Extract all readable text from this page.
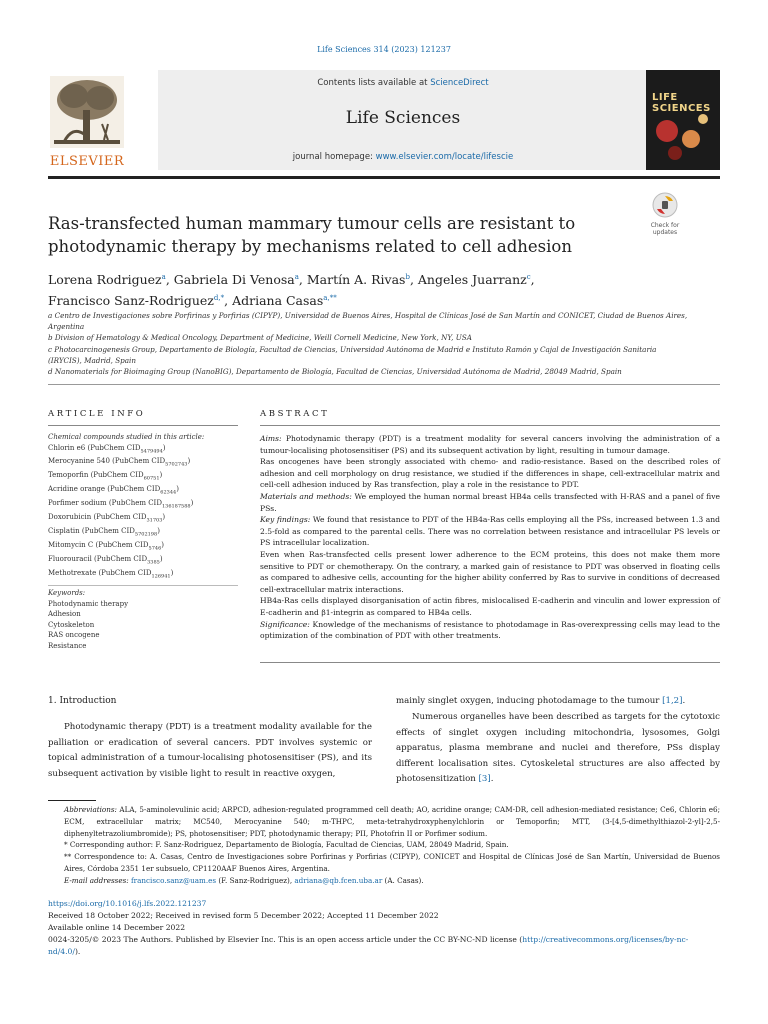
Life Sciences 314 (2023) 121237
ELSEVIER
Contents lists available at ScienceDirect
Life Sciences
journal homepage: www.elsevier.com/locate/lifescie
LIFE SCIENCES
Check for
updates
Ras-transfected human mammary tumour cells are resistant to photodynamic therapy by mechanisms related to cell adhesion
Lorena Rodriguez$^a$, Gabriela Di Venosa$^a$, Martín A. Rivas$^b$, Angeles Juarranz$^c$,
Francisco Sanz-Rodriguez$^{d,*}$, Adriana Casas$^{a,**}$

a Centro de Investigaciones sobre Porfirinas y Porfirias (CIPYP), Universidad de Buenos Aires, Hospital de Clínicas José de San Martín and CONICET, Ciudad de Buenos Aires, Argentina

b Division of Hematology & Medical Oncology, Department of Medicine, Weill Cornell Medicine, New York, NY, USA

c Photocarcinogenesis Group, Departamento de Biología, Facultad de Ciencias, Universidad Autónoma de Madrid e Instituto Ramón y Cajal de Investigación Sanitaria (IRYCIS), Madrid, Spain

d Nanomaterials for Bioimaging Group (NanoBIG), Departamento de Biología, Facultad de Ciencias, Universidad Autónoma de Madrid, 28049 Madrid, Spain

ARTICLE INFO	ABSTRACT

Chemical compounds studied in this article:

Chlorin e6 (PubChem $CID_{5479494}$)

Merocyanine 540 (PubChem $CID_{5702743}$)

Temoporfin (PubChem $CID_{60751}$)

Acridine orange (PubChem $CID_{62344}$)

Porfimer sodium (PubChem $CID_{136187588}$)

Doxorubicin (PubChem $CID_{31703}$)

Cisplatin (PubChem $CID_{5702198}$)

Mitomycin C (PubChem $CID_{5746}$)

Fluorouracil (PubChem $CID_{3385}$)

Methotrexate (PubChem $CID_{126941}$)

Keywords:

Photodynamic therapy

Adhesion

Cytoskeleton

RAS oncogene

Resistance

Aims: Photodynamic therapy (PDT) is a treatment modality for several cancers involving the administration of a tumour-localising photosensitiser (PS) and its subsequent activation by light, resulting in tumour damage.

Ras oncogenes have been strongly associated with chemo- and radio-resistance. Based on the described roles of adhesion and cell morphology on drug resistance, we studied if the differences in shape, cell-extracellular matrix and cell-cell adhesion induced by Ras transfection, play a role in the resistance to PDT.

Materials and methods: We employed the human normal breast HB4a cells transfected with H-RAS and a panel of five PSs.

Key findings: We found that resistance to PDT of the HB4a-Ras cells employing all the PSs, increased between 1.3 and 2.5-fold as compared to the parental cells. There was no correlation between resistance and intracellular PS levels or PS intracellular localization.

Even when Ras-transfected cells present lower adherence to the ECM proteins, this does not make them more sensitive to PDT or chemotherapy. On the contrary, a marked gain of resistance to PDT was observed in floating cells as compared to adhesive cells, accounting for the higher ability conferred by Ras to survive in conditions of decreased cell-extracellular matrix interactions.

HB4a-Ras cells displayed disorganisation of actin fibres, mislocalised E-cadherin and vinculin and lower expression of E-cadherin and β1-integrin as compared to HB4a cells.

Significance: Knowledge of the mechanisms of resistance to photodamage in Ras-overexpressing cells may lead to the optimization of the combination of PDT with other treatments.

1. Introduction
Photodynamic therapy (PDT) is a treatment modality available for the palliation or eradication of several cancers. PDT involves systemic or topical administration of a tumour-localising photosensitiser (PS), and its subsequent activation by visible light to result in reactive oxygen,
mainly singlet oxygen, inducing photodamage to the tumour [1,2].
Numerous organelles have been described as targets for the cytotoxic effects of singlet oxygen including mitochondria, lysosomes, Golgi apparatus, plasma membrane and nuclei and therefore, PSs display different localisation sites. Cytoskeletal structures are also affected by photosensitization [3].

Abbreviations: ALA, 5-aminolevulinic acid; ARPCD, adhesion-regulated programmed cell death; AO, acridine orange; CAM-DR, cell adhesion-mediated resistance; Ce6, Chlorin e6; ECM, extracellular matrix; MC540, Merocyanine 540; m-THPC, meta-tetrahydroxyphenylchlorin or Temoporfin; MTT, (3-[4,5-dimethylthiazol-2-yl]-2,5-diphenyltetrazoliumbromide); PS, photosensitiser; PDT, photodynamic therapy; PII, Photofrin II or Porfimer sodium.

* Corresponding author: F. Sanz-Rodriguez, Departamento de Biología, Facultad de Ciencias, UAM, 28049 Madrid, Spain.

** Correspondence to: A. Casas, Centro de Investigaciones sobre Porfirinas y Porfirias (CIPYP), CONICET and Hospital de Clínicas José de San Martín, Universidad de Buenos Aires, Córdoba 2351 1er subsuelo, CP1120AAF Buenos Aires, Argentina.

E-mail addresses: francisco.sanz@uam.es (F. Sanz-Rodriguez), adriana@qb.fcen.uba.ar (A. Casas).

https://doi.org/10.1016/j.lfs.2022.121237

Received 18 October 2022; Received in revised form 5 December 2022; Accepted 11 December 2022

Available online 14 December 2022

0024-3205/© 2023 The Authors. Published by Elsevier Inc. This is an open access article under the CC BY-NC-ND license (http://creativecommons.org/licenses/by-nc-nd/4.0/).
